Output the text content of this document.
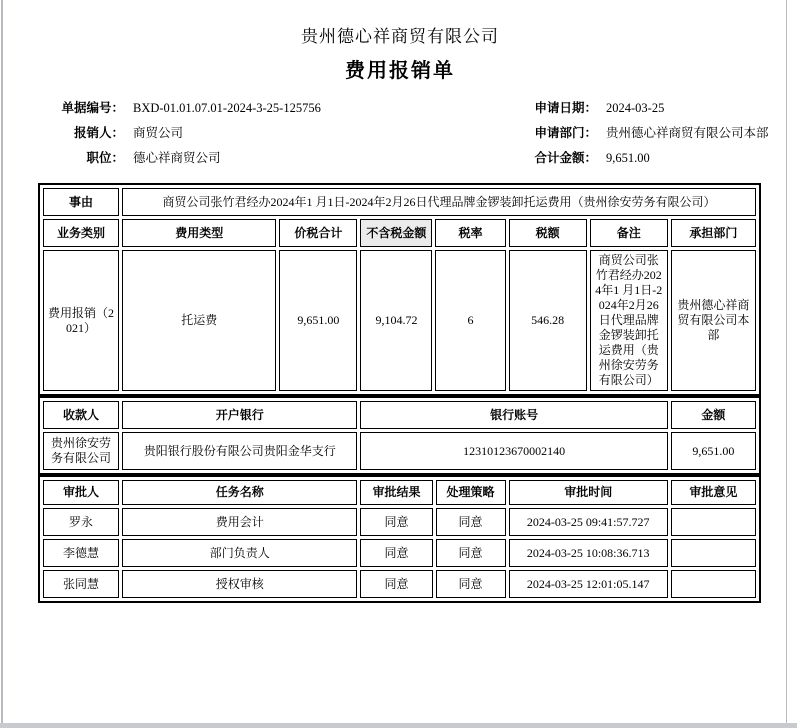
贵州德心祥商贸有限公司
费用报销单
单据编号： BXD-01.01.07.01-2024-3-25-125756
报销人： 商贸公司
职位： 德心祥商贸公司
申请日期： 2024-03-25
申请部门： 贵州德心祥商贸有限公司本部
合计金额： 9,651.00
事由	商贸公司张竹君经办2024年1 月1日-2024年2月26日代理品牌金锣装卸托运费用（贵州徐安劳务有限公司）						
业务类别	费用类型	价税合计	不含税金额	税率	税额	备注	承担部门
费用报销（2021）	托运费	9,651.00	9,104.72	6	546.28	商贸公司张竹君经办2024年1 月1日-2024年2月26日代理品牌金锣装卸托运费用（贵州徐安劳务有限公司）	贵州德心祥商贸有限公司本部
收款人	开户银行	银行账号	金额
贵州徐安劳务有限公司	贵阳银行股份有限公司贵阳金华支行	12310123670002140	9,651.00
审批人	任务名称	审批结果	处理策略	审批时间	审批意见
罗永	费用会计	同意	同意	2024-03-25 09:41:57.727	
李德慧	部门负责人	同意	同意	2024-03-25 10:08:36.713	
张同慧	授权审核	同意	同意	2024-03-25 12:01:05.147	
